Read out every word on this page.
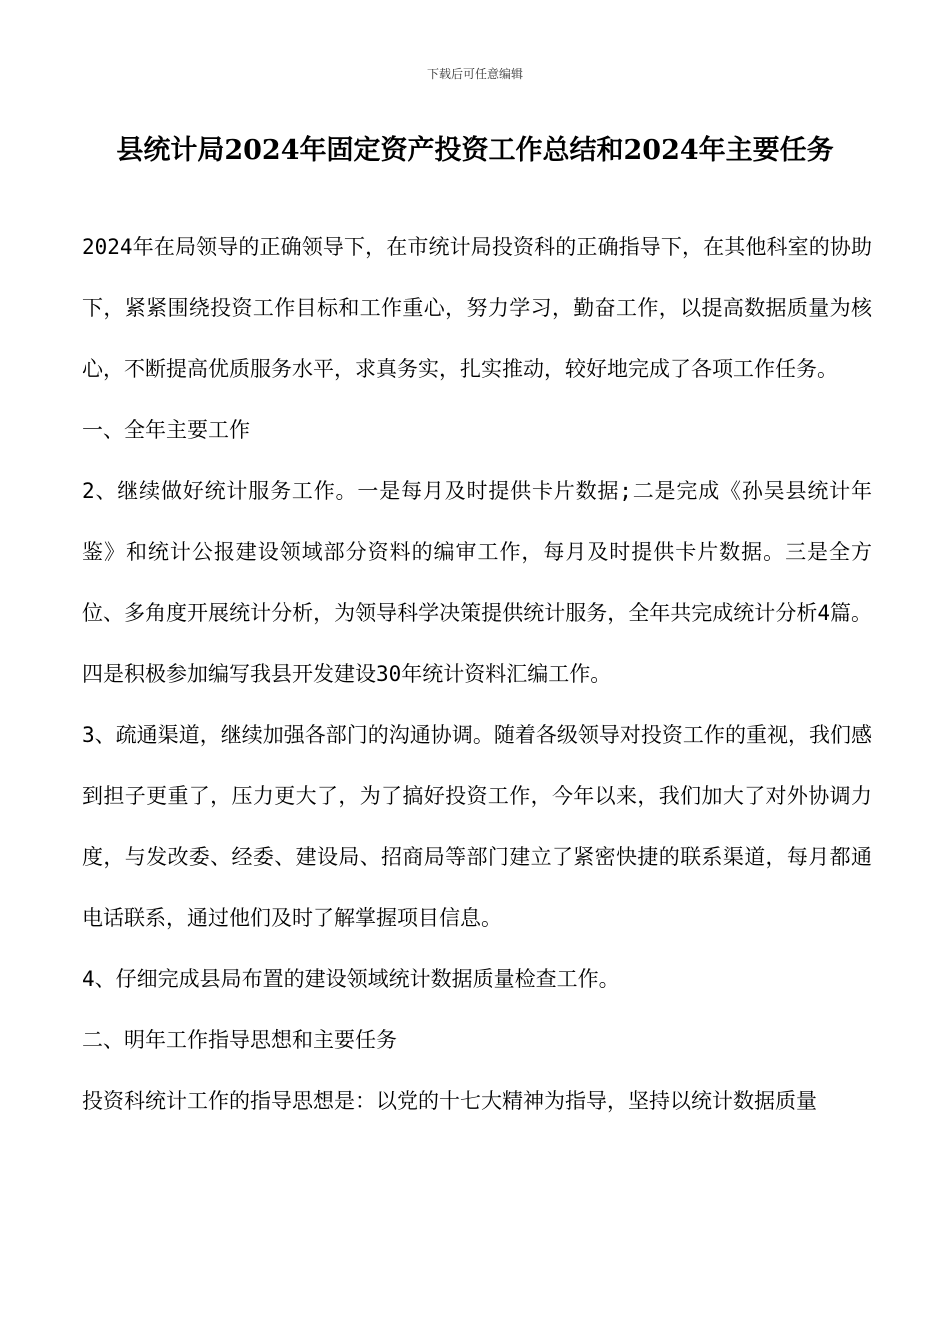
下载后可任意编辑
县统计局2024年固定资产投资工作总结和2024年主要任务

2024年在局领导的正确领导下，在市统计局投资科的正确指导下，在其他科室的协助下，紧紧围绕投资工作目标和工作重心，努力学习，勤奋工作，以提高数据质量为核心，不断提高优质服务水平，求真务实，扎实推动，较好地完成了各项工作任务。

一、全年主要工作

2、继续做好统计服务工作。一是每月及时提供卡片数据;二是完成《孙吴县统计年鉴》和统计公报建设领域部分资料的编审工作，每月及时提供卡片数据。三是全方位、多角度开展统计分析，为领导科学决策提供统计服务，全年共完成统计分析4篇。四是积极参加编写我县开发建设30年统计资料汇编工作。

3、疏通渠道，继续加强各部门的沟通协调。随着各级领导对投资工作的重视，我们感到担子更重了，压力更大了，为了搞好投资工作，今年以来，我们加大了对外协调力度，与发改委、经委、建设局、招商局等部门建立了紧密快捷的联系渠道，每月都通电话联系，通过他们及时了解掌握项目信息。

4、仔细完成县局布置的建设领域统计数据质量检查工作。

二、明年工作指导思想和主要任务

投资科统计工作的指导思想是：以党的十七大精神为指导，坚持以统计数据质量
